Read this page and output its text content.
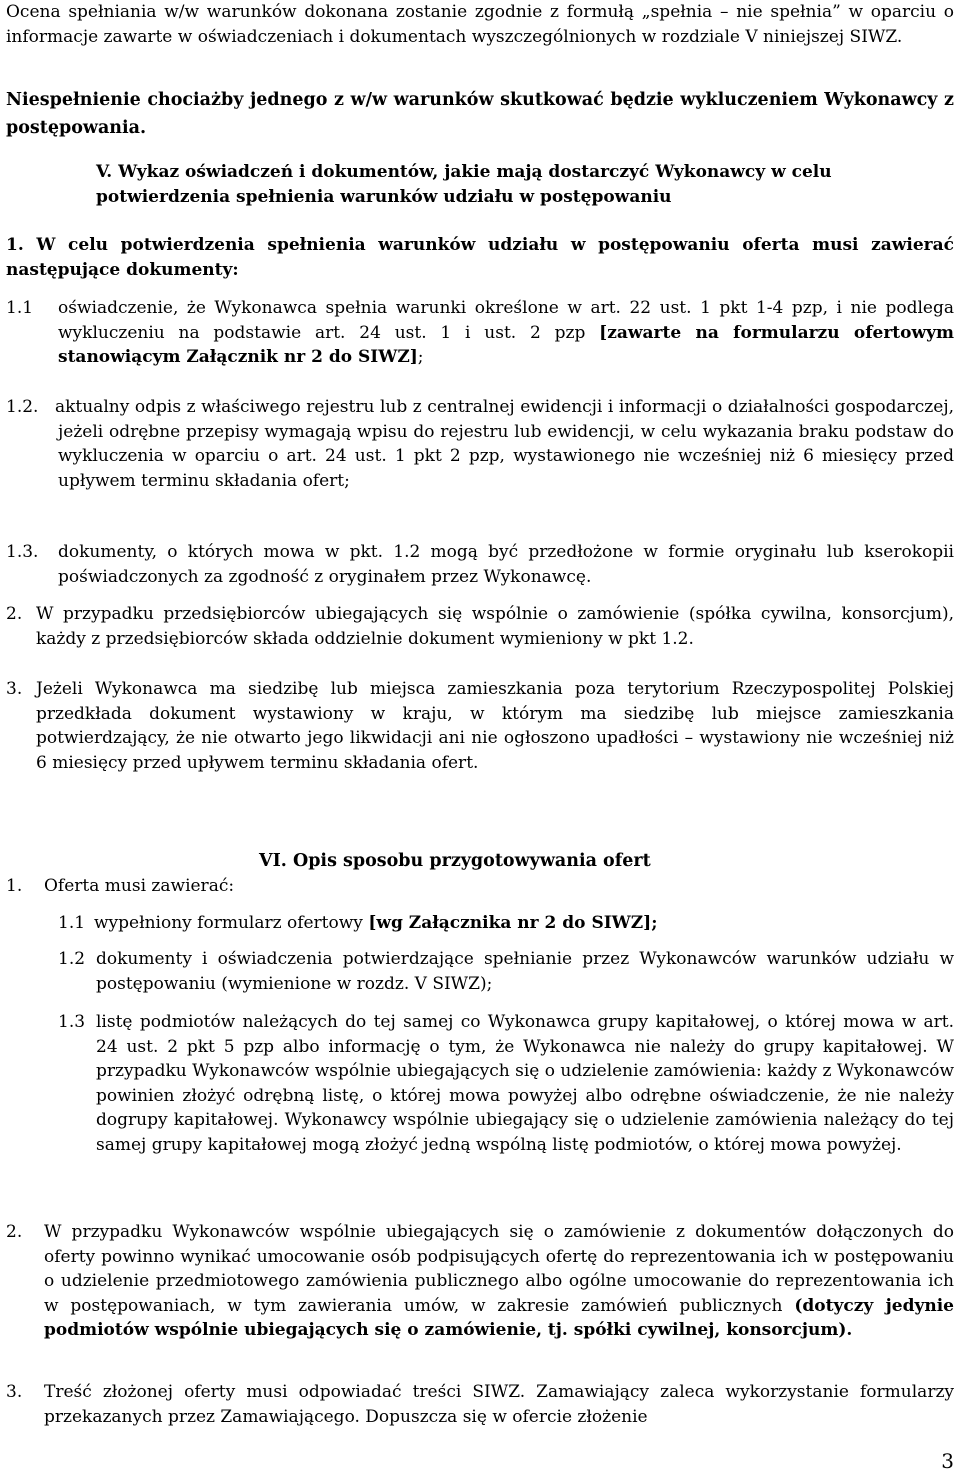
Ocena spełniania w/w warunków dokonana zostanie zgodnie z formułą „spełnia – nie spełnia” w oparciu o informacje zawarte w oświadczeniach i dokumentach wyszczególnionych w rozdziale V niniejszej SIWZ.

Niespełnienie chociażby jednego z w/w warunków skutkować będzie wykluczeniem Wykonawcy z postępowania.

V. Wykaz oświadczeń i dokumentów, jakie mają dostarczyć Wykonawcy w celu potwierdzenia spełnienia warunków udziału w postępowaniu

1. W celu potwierdzenia spełnienia warunków udziału w postępowaniu oferta musi zawierać następujące dokumenty:

1.1 oświadczenie, że Wykonawca spełnia warunki określone w art. 22 ust. 1 pkt 1-4 pzp, i nie podlega wykluczeniu na podstawie art. 24 ust. 1 i ust. 2 pzp [zawarte na formularzu ofertowym stanowiącym Załącznik nr 2 do SIWZ];
1.2. aktualny odpis z właściwego rejestru lub z centralnej ewidencji i informacji o działalności gospodarczej, jeżeli odrębne przepisy wymagają wpisu do rejestru lub ewidencji, w celu wykazania braku podstaw do wykluczenia w oparciu o art. 24 ust. 1 pkt 2 pzp, wystawionego nie wcześniej niż 6 miesięcy przed upływem terminu składania ofert;

1.3. dokumenty, o których mowa w pkt. 1.2 mogą być przedłożone w formie oryginału lub kserokopii poświadczonych za zgodność z oryginałem przez Wykonawcę.

2. W przypadku przedsiębiorców ubiegających się wspólnie o zamówienie (spółka cywilna, konsorcjum), każdy z przedsiębiorców składa oddzielnie dokument wymieniony w pkt 1.2.

3. Jeżeli Wykonawca ma siedzibę lub miejsca zamieszkania poza terytorium Rzeczypospolitej Polskiej przedkłada dokument wystawiony w kraju, w którym ma siedzibę lub miejsce zamieszkania potwierdzający, że nie otwarto jego likwidacji ani nie ogłoszono upadłości – wystawiony nie wcześniej niż 6 miesięcy przed upływem terminu składania ofert.

VI. Opis sposobu przygotowywania ofert
1. Oferta musi zawierać:
1.1 wypełniony formularz ofertowy [wg Załącznika nr 2 do SIWZ];
1.2 dokumenty i oświadczenia potwierdzające spełnianie przez Wykonawców warunków udziału w postępowaniu (wymienione w rozdz. V SIWZ);

1.3 listę podmiotów należących do tej samej co Wykonawca grupy kapitałowej, o której mowa w art. 24 ust. 2 pkt 5 pzp albo informację o tym, że Wykonawca nie należy do grupy kapitałowej. W przypadku Wykonawców wspólnie ubiegających się o udzielenie zamówienia: każdy z Wykonawców powinien złożyć odrębną listę, o której mowa powyżej albo odrębne oświadczenie, że nie należy dogrupy kapitałowej. Wykonawcy wspólnie ubiegający się o udzielenie zamówienia należący do tej samej grupy kapitałowej mogą złożyć jedną wspólną listę podmiotów, o której mowa powyżej.

2. W przypadku Wykonawców wspólnie ubiegających się o zamówienie z dokumentów dołączonych do oferty powinno wynikać umocowanie osób podpisujących ofertę do reprezentowania ich w postępowaniu o udzielenie przedmiotowego zamówienia publicznego albo ogólne umocowanie do reprezentowania ich w postępowaniach, w tym zawierania umów, w zakresie zamówień publicznych (dotyczy jedynie podmiotów wspólnie ubiegających się o zamówienie, tj. spółki cywilnej, konsorcjum).
3. Treść złożonej oferty musi odpowiadać treści SIWZ. Zamawiający zaleca wykorzystanie formularzy przekazanych przez Zamawiającego. Dopuszcza się w ofercie złożenie

3
